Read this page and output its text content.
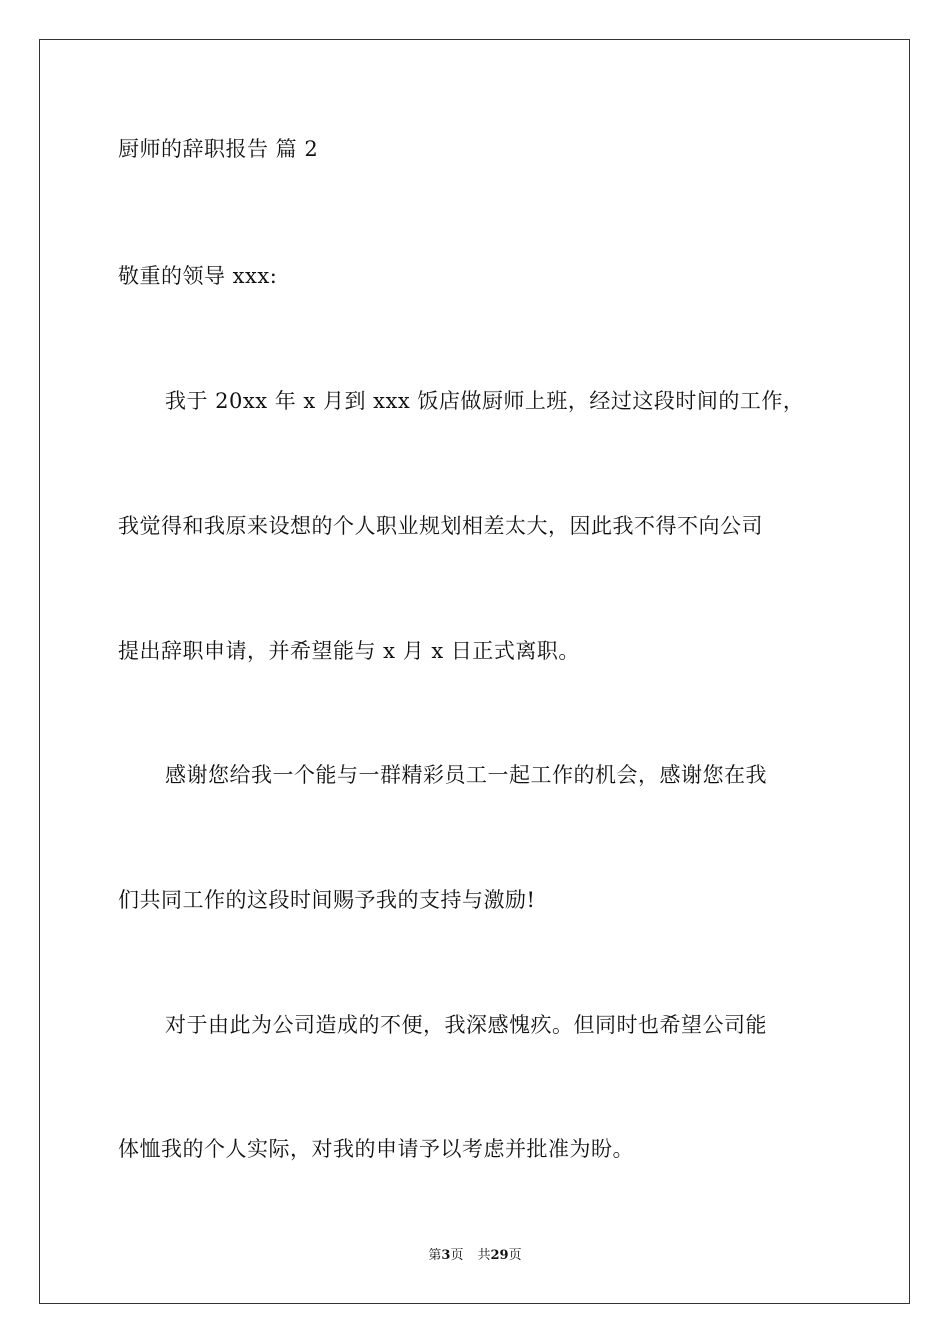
厨师的辞职报告 篇 2
敬重的领导 xxx:
我于 20xx 年 x 月到 xxx 饭店做厨师上班，经过这段时间的工作，
我觉得和我原来设想的个人职业规划相差太大，因此我不得不向公司
提出辞职申请，并希望能与 x 月 x 日正式离职。
感谢您给我一个能与一群精彩员工一起工作的机会，感谢您在我
们共同工作的这段时间赐予我的支持与激励!
对于由此为公司造成的不便，我深感愧疚。但同时也希望公司能
体恤我的个人实际，对我的申请予以考虑并批准为盼。
第3页 共29页
